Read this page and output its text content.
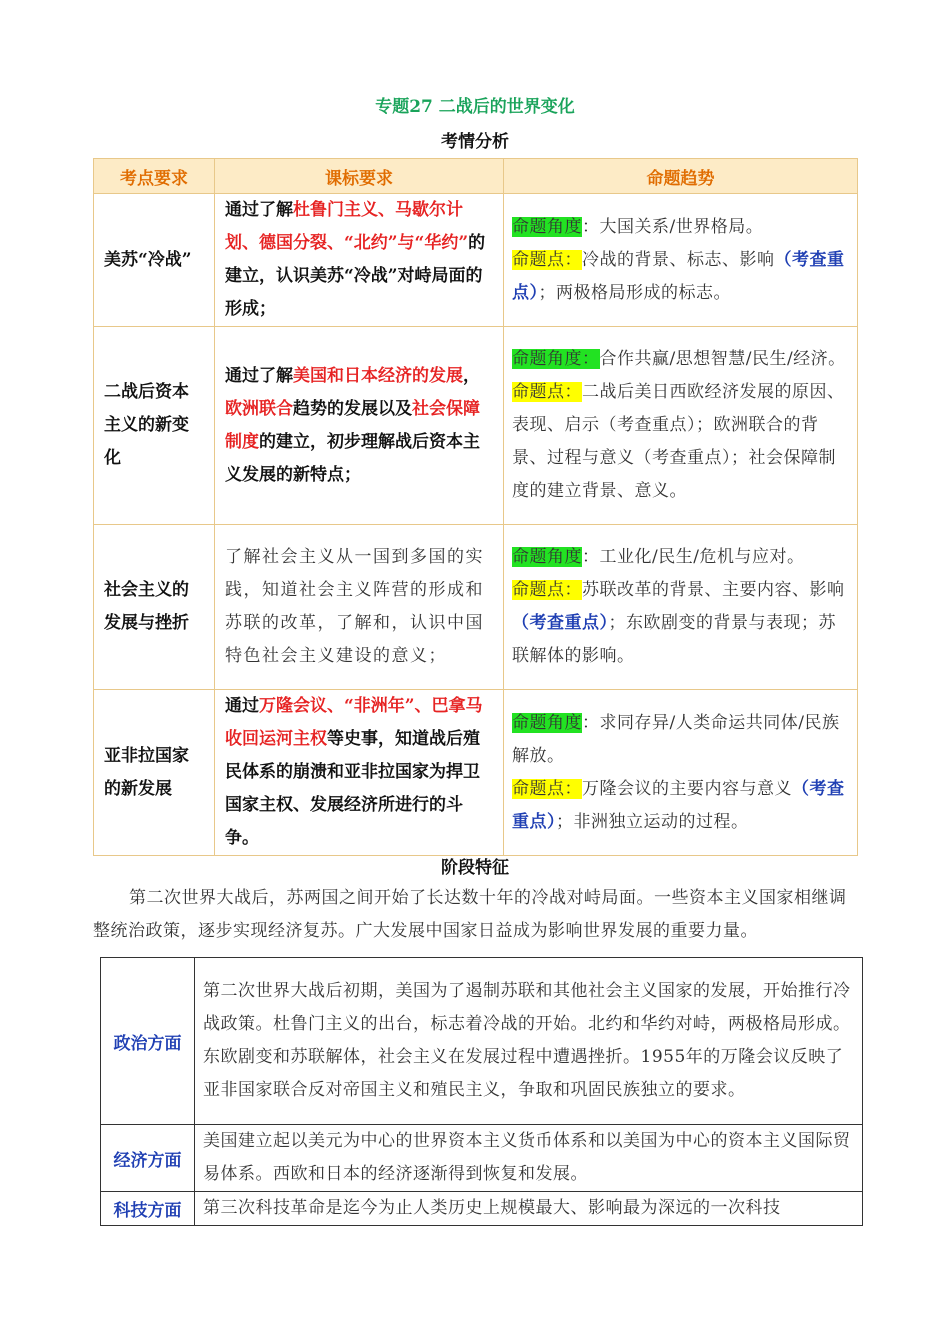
专题27 二战后的世界变化
考情分析
考点要求	课标要求	命题趋势
美苏“冷战”	通过了解杜鲁门主义、马歇尔计划、德国分裂、“北约”与“华约”的建立，认识美苏“冷战”对峙局面的形成；	命题角度：大国关系/世界格局。
命题点：冷战的背景、标志、影响（考查重点）；两极格局形成的标志。

二战后资本主义的新变化	通过了解美国和日本经济的发展，欧洲联合趋势的发展以及社会保障制度的建立，初步理解战后资本主义发展的新特点；	命题角度：合作共赢/思想智慧/民生/经济。
命题点：二战后美日西欧经济发展的原因、表现、启示（考查重点）；欧洲联合的背景、过程与意义（考查重点）；社会保障制度的建立背景、意义。

社会主义的发展与挫折	了解社会主义从一国到多国的实践，知道社会主义阵营的形成和苏联的改革，了解和，认识中国特色社会主义建设的意义；	命题角度：工业化/民生/危机与应对。
命题点：苏联改革的背景、主要内容、影响（考查重点）；东欧剧变的背景与表现；苏联解体的影响。

亚非拉国家的新发展	通过万隆会议、“非洲年”、巴拿马收回运河主权等史事，知道战后殖民体系的崩溃和亚非拉国家为捍卫国家主权、发展经济所进行的斗争。	命题角度：求同存异/人类命运共同体/民族解放。
命题点：万隆会议的主要内容与意义（考查重点）；非洲独立运动的过程。
阶段特征
第二次世界大战后，苏两国之间开始了长达数十年的冷战对峙局面。一些资本主义国家相继调整统治政策，逐步实现经济复苏。广大发展中国家日益成为影响世界发展的重要力量。
政治方面	第二次世界大战后初期，美国为了遏制苏联和其他社会主义国家的发展，开始推行冷战政策。杜鲁门主义的出台，标志着冷战的开始。北约和华约对峙，两极格局形成。东欧剧变和苏联解体，社会主义在发展过程中遭遇挫折。1955年的万隆会议反映了亚非国家联合反对帝国主义和殖民主义，争取和巩固民族独立的要求。
经济方面	美国建立起以美元为中心的世界资本主义货币体系和以美国为中心的资本主义国际贸易体系。西欧和日本的经济逐渐得到恢复和发展。
科技方面	第三次科技革命是迄今为止人类历史上规模最大、影响最为深远的一次科技
